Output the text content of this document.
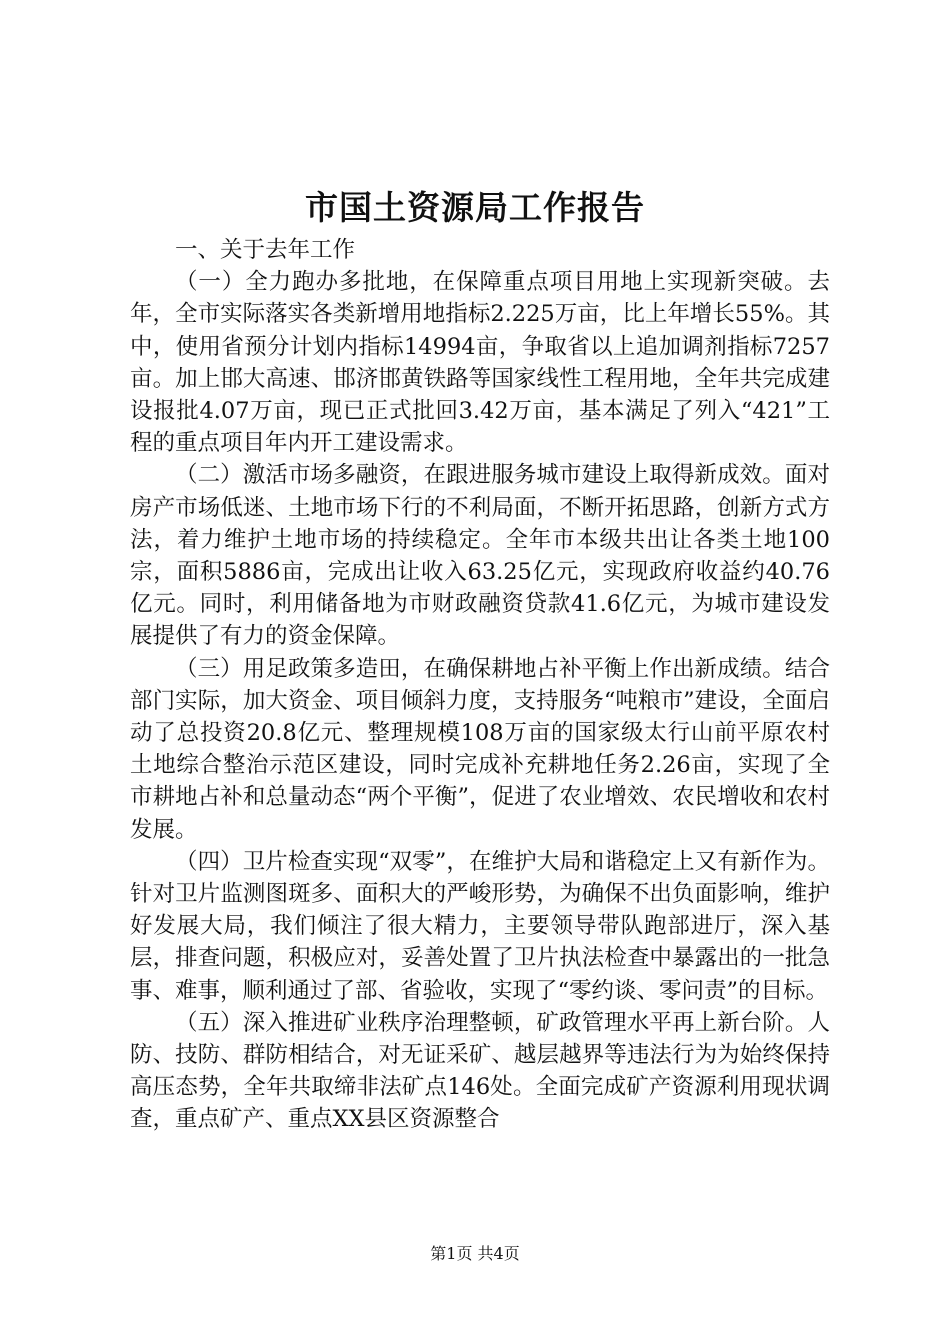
市国土资源局工作报告

一、关于去年工作

（一）全力跑办多批地，在保障重点项目用地上实现新突破。去年，全市实际落实各类新增用地指标2.225万亩，比上年增长55%。其中，使用省预分计划内指标14994亩，争取省以上追加调剂指标7257亩。加上邯大高速、邯济邯黄铁路等国家线性工程用地，全年共完成建设报批4.07万亩，现已正式批回3.42万亩，基本满足了列入“421”工程的重点项目年内开工建设需求。

（二）激活市场多融资，在跟进服务城市建设上取得新成效。面对房产市场低迷、土地市场下行的不利局面，不断开拓思路，创新方式方法，着力维护土地市场的持续稳定。全年市本级共出让各类土地100宗，面积5886亩，完成出让收入63.25亿元，实现政府收益约40.76亿元。同时，利用储备地为市财政融资贷款41.6亿元，为城市建设发展提供了有力的资金保障。

（三）用足政策多造田，在确保耕地占补平衡上作出新成绩。结合部门实际，加大资金、项目倾斜力度，支持服务“吨粮市”建设，全面启动了总投资20.8亿元、整理规模108万亩的国家级太行山前平原农村土地综合整治示范区建设，同时完成补充耕地任务2.26亩，实现了全市耕地占补和总量动态“两个平衡”，促进了农业增效、农民增收和农村发展。

（四）卫片检查实现“双零”，在维护大局和谐稳定上又有新作为。针对卫片监测图斑多、面积大的严峻形势，为确保不出负面影响，维护好发展大局，我们倾注了很大精力，主要领导带队跑部进厅，深入基层，排查问题，积极应对，妥善处置了卫片执法检查中暴露出的一批急事、难事，顺利通过了部、省验收，实现了“零约谈、零问责”的目标。

（五）深入推进矿业秩序治理整顿，矿政管理水平再上新台阶。人防、技防、群防相结合，对无证采矿、越层越界等违法行为为始终保持高压态势，全年共取缔非法矿点146处。全面完成矿产资源利用现状调查，重点矿产、重点XX县区资源整合

第1页 共4页
